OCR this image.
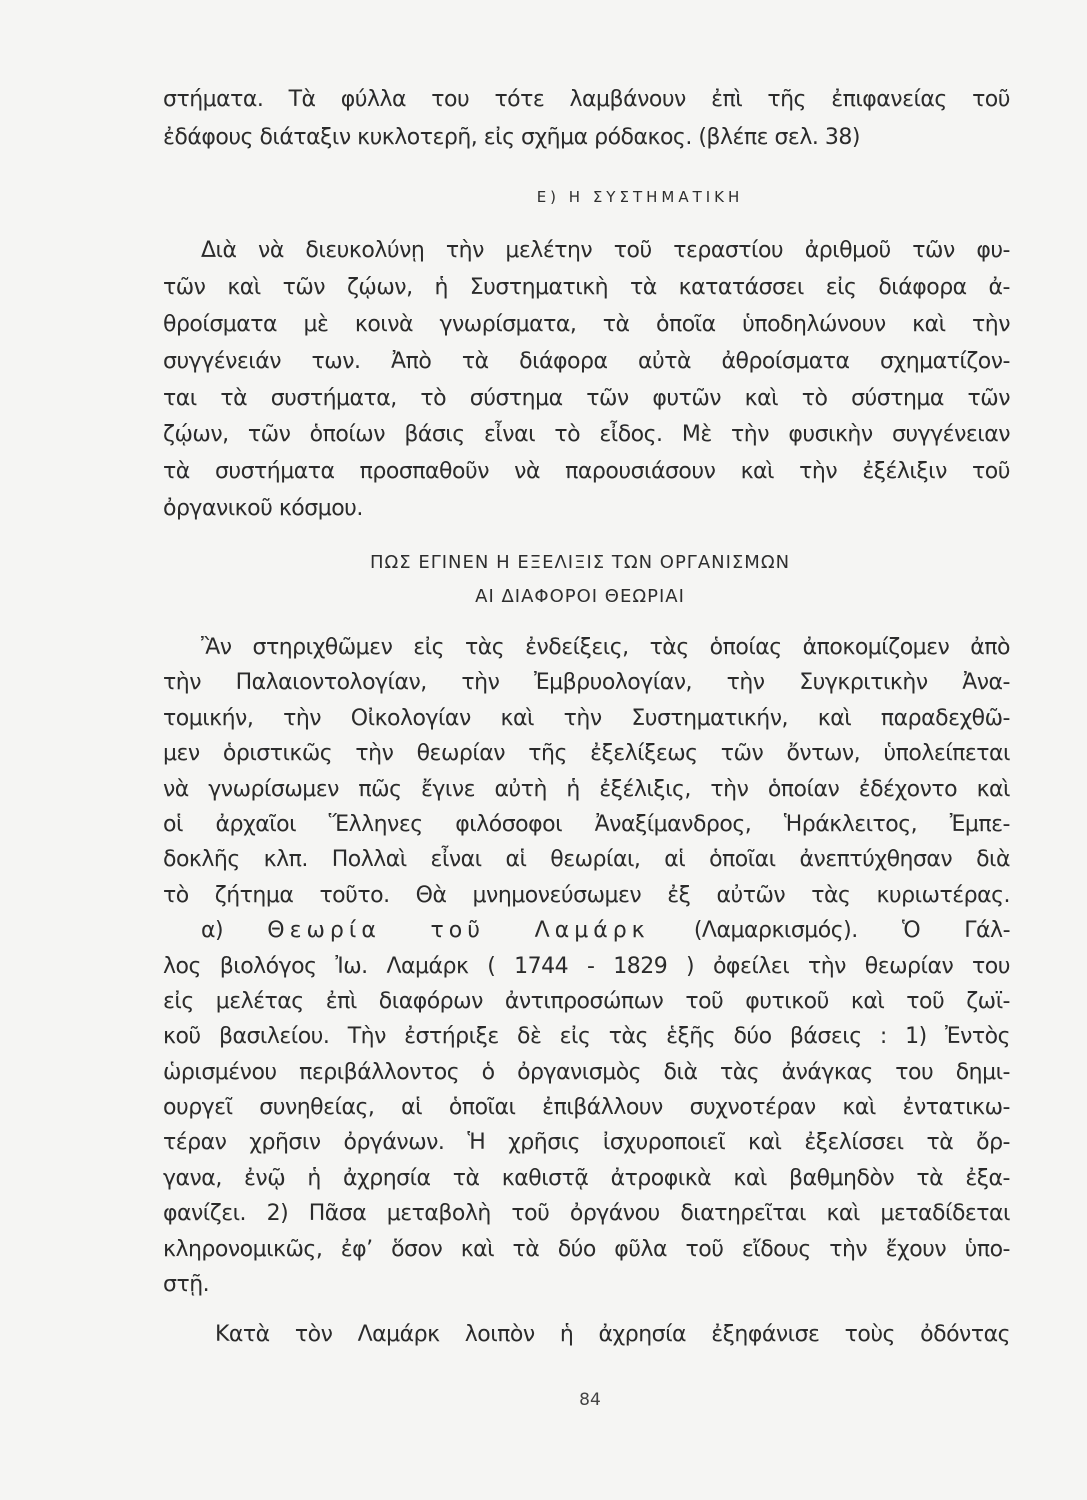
στήματα. Τὰ φύλλα του τότε λαμβάνουν ἐπὶ τῆς ἐπιφανείας τοῦ
ἐδάφους διάταξιν κυκλοτερῆ, εἰς σχῆμα ρόδακος. (βλέπε σελ. 38)
Ε) Η ΣΥΣΤΗΜΑΤΙΚΗ
Διὰ νὰ διευκολύνῃ τὴν μελέτην τοῦ τεραστίου ἀριθμοῦ τῶν φυ-
τῶν καὶ τῶν ζῴων, ἡ Συστηματικὴ τὰ κατατάσσει εἰς διάφορα ἀ-
θροίσματα μὲ κοινὰ γνωρίσματα, τὰ ὁποῖα ὑποδηλώνουν καὶ τὴν
συγγένειάν των. Ἀπὸ τὰ διάφορα αὐτὰ ἀθροίσματα σχηματίζον-
ται τὰ συστήματα, τὸ σύστημα τῶν φυτῶν καὶ τὸ σύστημα τῶν
ζῴων, τῶν ὁποίων βάσις εἶναι τὸ εἶδος. Μὲ τὴν φυσικὴν συγγένειαν
τὰ συστήματα προσπαθοῦν νὰ παρουσιάσουν καὶ τὴν ἐξέλιξιν τοῦ
ὀργανικοῦ κόσμου.
ΠΩΣ ΕΓΙΝΕΝ Η ΕΞΕΛΙΞΙΣ ΤΩΝ ΟΡΓΑΝΙΣΜΩΝ
ΑΙ ΔΙΑΦΟΡΟΙ ΘΕΩΡΙΑΙ
Ἂν στηριχθῶμεν εἰς τὰς ἐνδείξεις, τὰς ὁποίας ἀποκομίζομεν ἀπὸ
τὴν Παλαιοντολογίαν, τὴν Ἐμβρυολογίαν, τὴν Συγκριτικὴν Ἀνα-
τομικήν, τὴν Οἰκολογίαν καὶ τὴν Συστηματικήν, καὶ παραδεχθῶ-
μεν ὁριστικῶς τὴν θεωρίαν τῆς ἐξελίξεως τῶν ὄντων, ὑπολείπεται
νὰ γνωρίσωμεν πῶς ἔγινε αὐτὴ ἡ ἐξέλιξις, τὴν ὁποίαν ἐδέχοντο καὶ
οἱ ἀρχαῖοι Ἕλληνες φιλόσοφοι Ἀναξίμανδρος, Ἡράκλειτος, Ἐμπε-
δοκλῆς κλπ. Πολλαὶ εἶναι αἱ θεωρίαι, αἱ ὁποῖαι ἀνεπτύχθησαν διὰ
τὸ ζήτημα τοῦτο. Θὰ μνημονεύσωμεν ἐξ αὐτῶν τὰς κυριωτέρας.
α) Θεωρία τοῦ Λαμάρκ (Λαμαρκισμός). Ὁ Γάλ-
λος βιολόγος Ἰω. Λαμάρκ ( 1744 - 1829 ) ὀφείλει τὴν θεωρίαν του
εἰς μελέτας ἐπὶ διαφόρων ἀντιπροσώπων τοῦ φυτικοῦ καὶ τοῦ ζωϊ-
κοῦ βασιλείου. Τὴν ἐστήριξε δὲ εἰς τὰς ἑξῆς δύο βάσεις : 1) Ἐντὸς
ὡρισμένου περιβάλλοντος ὁ ὀργανισμὸς διὰ τὰς ἀνάγκας του δημι-
ουργεῖ συνηθείας, αἱ ὁποῖαι ἐπιβάλλουν συχνοτέραν καὶ ἐντατικω-
τέραν χρῆσιν ὀργάνων. Ἡ χρῆσις ἰσχυροποιεῖ καὶ ἐξελίσσει τὰ ὄρ-
γανα, ἐνῷ ἡ ἀχρησία τὰ καθιστᾷ ἀτροφικὰ καὶ βαθμηδὸν τὰ ἐξα-
φανίζει. 2) Πᾶσα μεταβολὴ τοῦ ὀργάνου διατηρεῖται καὶ μεταδίδεται
κληρονομικῶς, ἐφ’ ὅσον καὶ τὰ δύο φῦλα τοῦ εἴδους τὴν ἔχουν ὑπο-
στῇ.
Κατὰ τὸν Λαμάρκ λοιπὸν ἡ ἀχρησία ἐξηφάνισε τοὺς ὀδόντας
84
